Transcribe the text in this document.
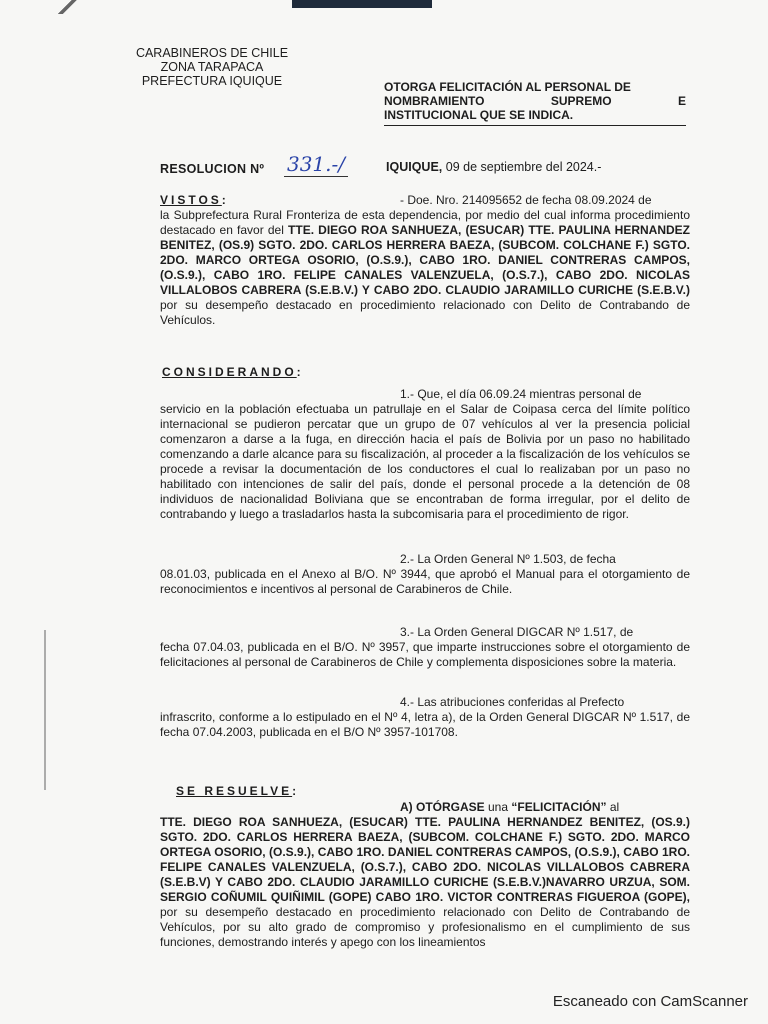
CARABINEROS DE CHILE
ZONA TARAPACA
PREFECTURA IQUIQUE	OTORGA FELICITACIÓN AL PERSONAL DE
NOMBRAMIENTO	SUPREMO	E
INSTITUCIONAL QUE SE INDICA.
RESOLUCION Nº 331.-/	IQUIQUE, 09 de septiembre del 2024.-
VISTOS:	- Doe. Nro. 214095652 de fecha 08.09.2024 de
la Subprefectura Rural Fronteriza de esta dependencia, por medio del cual informa procedimiento destacado en favor del TTE. DIEGO ROA SANHUEZA, (ESUCAR) TTE. PAULINA HERNANDEZ BENITEZ, (OS.9) SGTO. 2DO. CARLOS HERRERA BAEZA, (SUBCOM. COLCHANE F.) SGTO. 2DO. MARCO ORTEGA OSORIO, (O.S.9.), CABO 1RO. DANIEL CONTRERAS CAMPOS, (O.S.9.), CABO 1RO. FELIPE CANALES VALENZUELA, (O.S.7.), CABO 2DO. NICOLAS VILLALOBOS CABRERA (S.E.B.V.) Y CABO 2DO. CLAUDIO JARAMILLO CURICHE (S.E.B.V.) por su desempeño destacado en procedimiento relacionado con Delito de Contrabando de Vehículos.
CONSIDERANDO:
1.- Que, el día 06.09.24 mientras personal de
servicio en la población efectuaba un patrullaje en el Salar de Coipasa cerca del límite político internacional se pudieron percatar que un grupo de 07 vehículos al ver la presencia policial comenzaron a darse a la fuga, en dirección hacia el país de Bolivia por un paso no habilitado comenzando a darle alcance para su fiscalización, al proceder a la fiscalización de los vehículos se procede a revisar la documentación de los conductores el cual lo realizaban por un paso no habilitado con intenciones de salir del país, donde el personal procede a la detención de 08 individuos de nacionalidad Boliviana que se encontraban de forma irregular, por el delito de contrabando y luego a trasladarlos hasta la subcomisaria para el procedimiento de rigor.
2.- La Orden General Nº 1.503, de fecha
08.01.03, publicada en el Anexo al B/O. Nº 3944, que aprobó el Manual para el otorgamiento de reconocimientos e incentivos al personal de Carabineros de Chile.
3.- La Orden General DIGCAR Nº 1.517, de
fecha 07.04.03, publicada en el B/O. Nº 3957, que imparte instrucciones sobre el otorgamiento de felicitaciones al personal de Carabineros de Chile y complementa disposiciones sobre la materia.
4.- Las atribuciones conferidas al Prefecto
infrascrito, conforme a lo estipulado en el Nº 4, letra a), de la Orden General DIGCAR Nº 1.517, de fecha 07.04.2003, publicada en el B/O Nº 3957-101708.
SE RESUELVE:
A) OTÓRGASE una “FELICITACIÓN” al
TTE. DIEGO ROA SANHUEZA, (ESUCAR) TTE. PAULINA HERNANDEZ BENITEZ, (OS.9.) SGTO. 2DO. CARLOS HERRERA BAEZA, (SUBCOM. COLCHANE F.) SGTO. 2DO. MARCO ORTEGA OSORIO, (O.S.9.), CABO 1RO. DANIEL CONTRERAS CAMPOS, (O.S.9.), CABO 1RO. FELIPE CANALES VALENZUELA, (O.S.7.), CABO 2DO. NICOLAS VILLALOBOS CABRERA (S.E.B.V) Y CABO 2DO. CLAUDIO JARAMILLO CURICHE (S.E.B.V.)NAVARRO URZUA, SOM. SERGIO COÑUMIL QUIÑIMIL (GOPE) CABO 1RO. VICTOR CONTRERAS FIGUEROA (GOPE), por su desempeño destacado en procedimiento relacionado con Delito de Contrabando de Vehículos, por su alto grado de compromiso y profesionalismo en el cumplimiento de sus funciones, demostrando interés y apego con los lineamientos
Escaneado con CamScanner
